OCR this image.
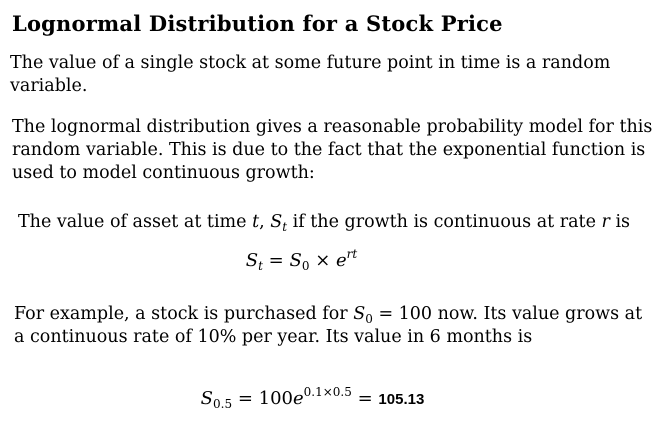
Lognormal Distribution for a Stock Price
The value of a single stock at some future point in time is a random
variable.
The lognormal distribution gives a reasonable probability model for this
random variable. This is due to the fact that the exponential function is
used to model continuous growth:
The value of asset at time t, $S_t$ if the growth is continuous at rate r is
$S_t = S_0 \times e^{rt}$
For example, a stock is purchased for $S_0 = 100$ now. Its value grows at
a continuous rate of 10% per year. Its value in 6 months is
$S_{0.5} = 100e^{0.1\times 0.5} = 105.13$
